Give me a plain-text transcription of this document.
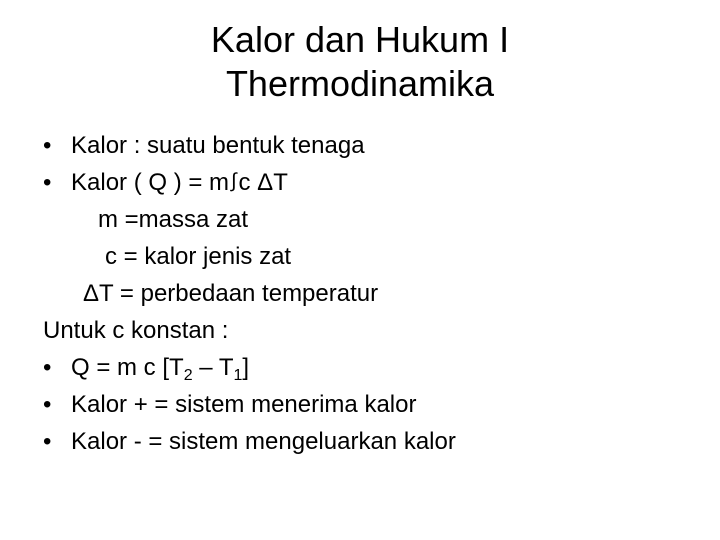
Kalor dan Hukum I
Thermodinamika
• Kalor : suatu bentuk tenaga
• Kalor ( Q ) = m ∫c ΔT
m =massa zat
c = kalor jenis zat
ΔT = perbedaan temperatur
Untuk c konstan :
• Q = m c $[T_2 - T_1]$
• Kalor + = sistem menerima kalor
• Kalor - = sistem mengeluarkan kalor
